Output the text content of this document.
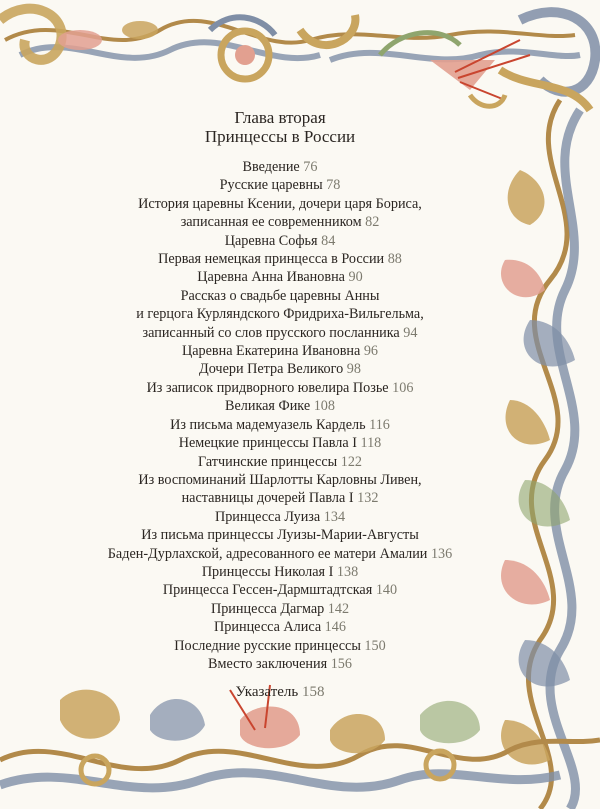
Глава вторая
Принцессы в России
Введение 76
Русские царевны 78
История царевны Ксении, дочери царя Бориса,
записанная ее современником 82
Царевна Софья 84
Первая немецкая принцесса в России 88
Царевна Анна Ивановна 90
Рассказ о свадьбе царевны Анны
и герцога Курляндского Фридриха-Вильгельма,
записанный со слов прусского посланника 94
Царевна Екатерина Ивановна 96
Дочери Петра Великого 98
Из записок придворного ювелира Позье 106
Великая Фике 108
Из письма мадемуазель Кардель 116
Немецкие принцессы Павла I 118
Гатчинские принцессы 122
Из воспоминаний Шарлотты Карловны Ливен,
наставницы дочерей Павла I 132
Принцесса Луиза 134
Из письма принцессы Луизы-Марии-Августы
Баден-Дурлахской, адресованного ее матери Амалии 136
Принцессы Николая I 138
Принцесса Гессен-Дармштадтская 140
Принцесса Дагмар 142
Принцесса Алиса 146
Последние русские принцессы 150
Вместо заключения 156
Указатель 158
